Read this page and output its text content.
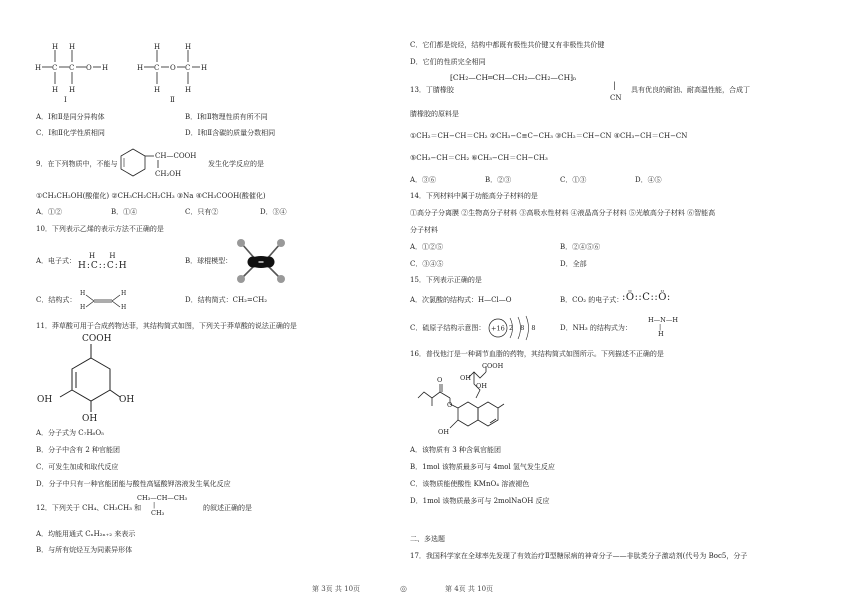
H C C O H
H H
H H
Ⅰ
H C O C H
H	H
H	H
Ⅱ
A．Ⅰ和Ⅱ是同分异构体	B．Ⅰ和Ⅱ物理性质有所不同
C．Ⅰ和Ⅱ化学性质相同	D．Ⅰ和Ⅱ含碳的质量分数相同
9．在下列物质中，不能与
CH—COOH
CH₂OH
发生化学反应的是
①CH₃CH₂OH(酸催化) ②CH₃CH₂CH₂CH₃ ③Na ④CH₃COOH(酸催化)
A．①②	B．①④	C．只有②	D．③④
10．下列表示乙烯的表示方法不正确的是
A．电子式：
H H
H:C::C:H	B．球棍模型：
C．结构式：
H
H
H
H
D．结构简式：CH₂=CH₂
11．莽草酸可用于合成药物达菲，其结构简式如图，下列关于莽草酸的说法正确的是
COOH
OH
OH
OH
A．分子式为 C₇H₆O₅
B．分子中含有 2 种官能团
C．可发生加成和取代反应
D．分子中只有一种官能团能与酸性高锰酸钾溶液发生氧化反应
12．下列关于 CH₄、CH₃CH₃ 和
CH₃—CH—CH₃
|
CH₃
的叙述正确的是
A．均能用通式 CₙH₂ₙ₊₂ 来表示
B．与所有烷烃互为同素异形体
第 3页 共 10页	◎
C．它们都是烷烃，结构中都既有极性共价键又有非极性共价键
D．它们的性质完全相同
13．丁腈橡胶
⁅CH₂—CH═CH—CH₂—CH₂—CH⁆ₙ
|
CN
具有优良的耐油、耐高温性能，合成丁
腈橡胶的原料是
①CH₂＝CH−CH＝CH₂ ②CH₃−C≡C−CH₃ ③CH₂＝CH−CN ④CH₃−CH＝CH−CN
⑤CH₃−CH＝CH₂ ⑥CH₃−CH＝CH−CH₃
A．③⑥	B．②③	C．①③	D．④⑤
14．下列材料中属于功能高分子材料的是
①高分子分离膜 ②生物高分子材料 ③高吸水性材料 ④液晶高分子材料 ⑤光敏高分子材料 ⑥智能高
分子材料
A．①②⑤	B．②④⑤⑥
C．③④⑤	D．全部
15．下列表示正确的是
A．次氯酸的结构式：H—Cl—O	B．CO₂ 的电子式：
:Ö::C::Ö:
C．硫原子结构示意图： +16 2 8 8	D．NH₃ 的结构式为：
H—N—H
|
H
16．普伐他汀是一种调节血脂的药物，其结构简式如图所示。下列描述不正确的是
COOH
OH
OH
O
O
OH
A．该物质有 3 种含氧官能团
B．1mol 该物质最多可与 4mol 氢气发生反应
C．该物质能使酸性 KMnO₄ 溶液褪色
D．1mol 该物质最多可与 2molNaOH 反应
二、多选题
17．我国科学家在全球率先发现了有效治疗Ⅱ型糖尿病的神奇分子——非肽类分子激动剂(代号为 Boc5，分子
第 4页 共 10页
